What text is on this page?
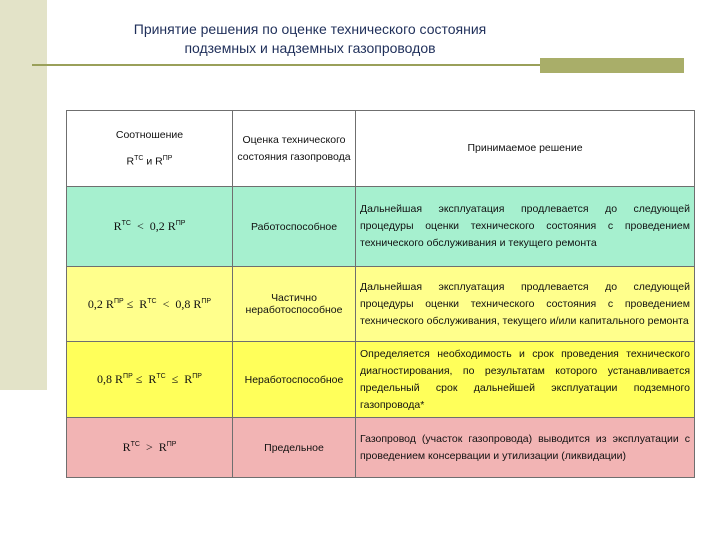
Принятие решения по оценке технического состояния
подземных и надземных газопроводов
Соотношение
$R^{ТС}$ и $R^{ПР}$	Оценка технического состояния газопровода	Принимаемое решение
$R^{ТС} < 0,2$ $R^{ПР}$	Работоспособное	Дальнейшая эксплуатация продлевается до следующей процедуры оценки технического состояния с проведением технического обслуживания и текущего ремонта
0,2 $R^{ПР} \le R^{ТС} < 0,8$ $R^{ПР}$	Частично неработоспособное	Дальнейшая эксплуатация продлевается до следующей процедуры оценки технического состояния с проведением технического обслуживания, текущего и/или капитального ремонта
0,8 $R^{ПР} \le R^{ТС} \le R^{ПР}$	Неработоспособное	Определяется необходимость и срок проведения технического диагностирования, по результатам которого устанавливается предельный срок дальнейшей эксплуатации подземного газопровода*
$R^{ТС} > R^{ПР}$	Предельное	Газопровод (участок газопровода) выводится из эксплуатации с проведением консервации и утилизации (ликвидации)
